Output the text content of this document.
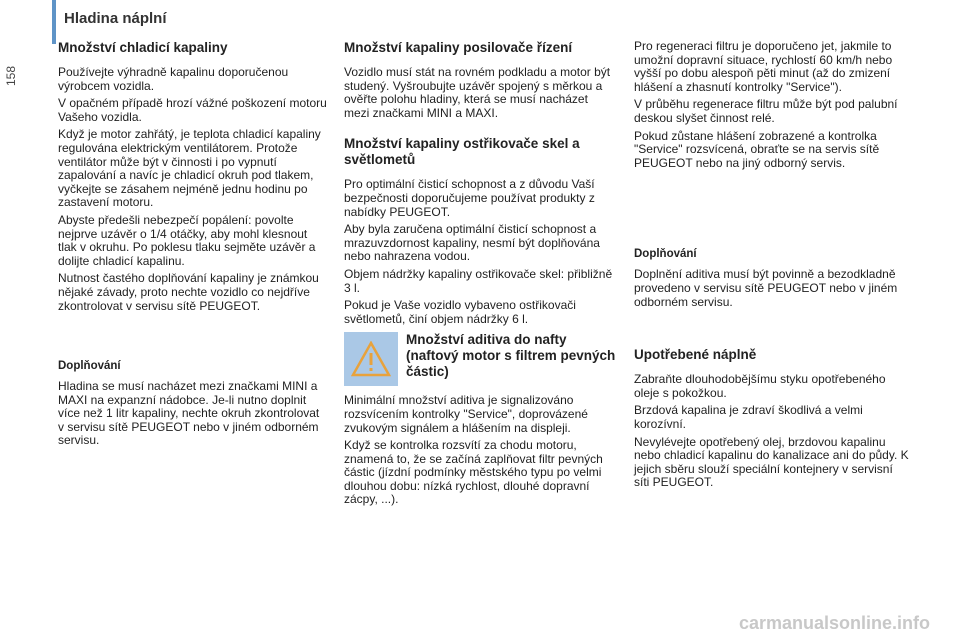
Hladina náplní
158
Množství chladicí kapaliny

Používejte výhradně kapalinu doporučenou výrobcem vozidla.

V opačném případě hrozí vážné poškození motoru Vašeho vozidla.

Když je motor zahřátý, je teplota chladicí kapaliny regulována elektrickým ventilátorem. Protože ventilátor může být v činnosti i po vypnutí zapalování a navíc je chladicí okruh pod tlakem, vyčkejte se zásahem nejméně jednu hodinu po zastavení motoru.

Abyste předešli nebezpečí popálení: povolte nejprve uzávěr o 1/4 otáčky, aby mohl klesnout tlak v okruhu. Po poklesu tlaku sejměte uzávěr a dolijte chladicí kapalinu.

Nutnost častého doplňování kapaliny je známkou nějaké závady, proto nechte vozidlo co nejdříve zkontrolovat v servisu sítě PEUGEOT.

Doplňování

Hladina se musí nacházet mezi značkami MINI a MAXI na expanzní nádobce. Je-li nutno doplnit více než 1 litr kapaliny, nechte okruh zkontrolovat v servisu sítě PEUGEOT nebo v jiném odborném servisu.

Množství kapaliny posilovače řízení

Vozidlo musí stát na rovném podkladu a motor být studený. Vyšroubujte uzávěr spojený s měrkou a ověřte polohu hladiny, která se musí nacházet mezi značkami MINI a MAXI.

Množství kapaliny ostřikovače skel a světlometů

Pro optimální čisticí schopnost a z důvodu Vaší bezpečnosti doporučujeme používat produkty z nabídky PEUGEOT.

Aby byla zaručena optimální čisticí schopnost a mrazuvzdornost kapaliny, nesmí být doplňována nebo nahrazena vodou.

Objem nádržky kapaliny ostřikovače skel: přibližně 3 l.

Pokud je Vaše vozidlo vybaveno ostřikovači světlometů, činí objem nádržky 6 l.

Množství aditiva do nafty (naftový motor s filtrem pevných částic)

Minimální množství aditiva je signalizováno rozsvícením kontrolky "Service", doprovázené zvukovým signálem a hlášením na displeji.

Když se kontrolka rozsvítí za chodu motoru, znamená to, že se začíná zaplňovat filtr pevných částic (jízdní podmínky městského typu po velmi dlouhou dobu: nízká rychlost, dlouhé dopravní zácpy, ...).

Pro regeneraci filtru je doporučeno jet, jakmile to umožní dopravní situace, rychlostí 60 km/h nebo vyšší po dobu alespoň pěti minut (až do zmizení hlášení a zhasnutí kontrolky "Service").

V průběhu regenerace filtru může být pod palubní deskou slyšet činnost relé.

Pokud zůstane hlášení zobrazené a kontrolka "Service" rozsvícená, obraťte se na servis sítě PEUGEOT nebo na jiný odborný servis.

Doplňování

Doplnění aditiva musí být povinně a bezodkladně provedeno v servisu sítě PEUGEOT nebo v jiném odborném servisu.

Upotřebené náplně

Zabraňte dlouhodobějšímu styku opotřebeného oleje s pokožkou.

Brzdová kapalina je zdraví škodlivá a velmi korozívní.

Nevylévejte opotřebený olej, brzdovou kapalinu nebo chladicí kapalinu do kanalizace ani do půdy. K jejich sběru slouží speciální kontejnery v servisní síti PEUGEOT.

carmanualsonline.info
